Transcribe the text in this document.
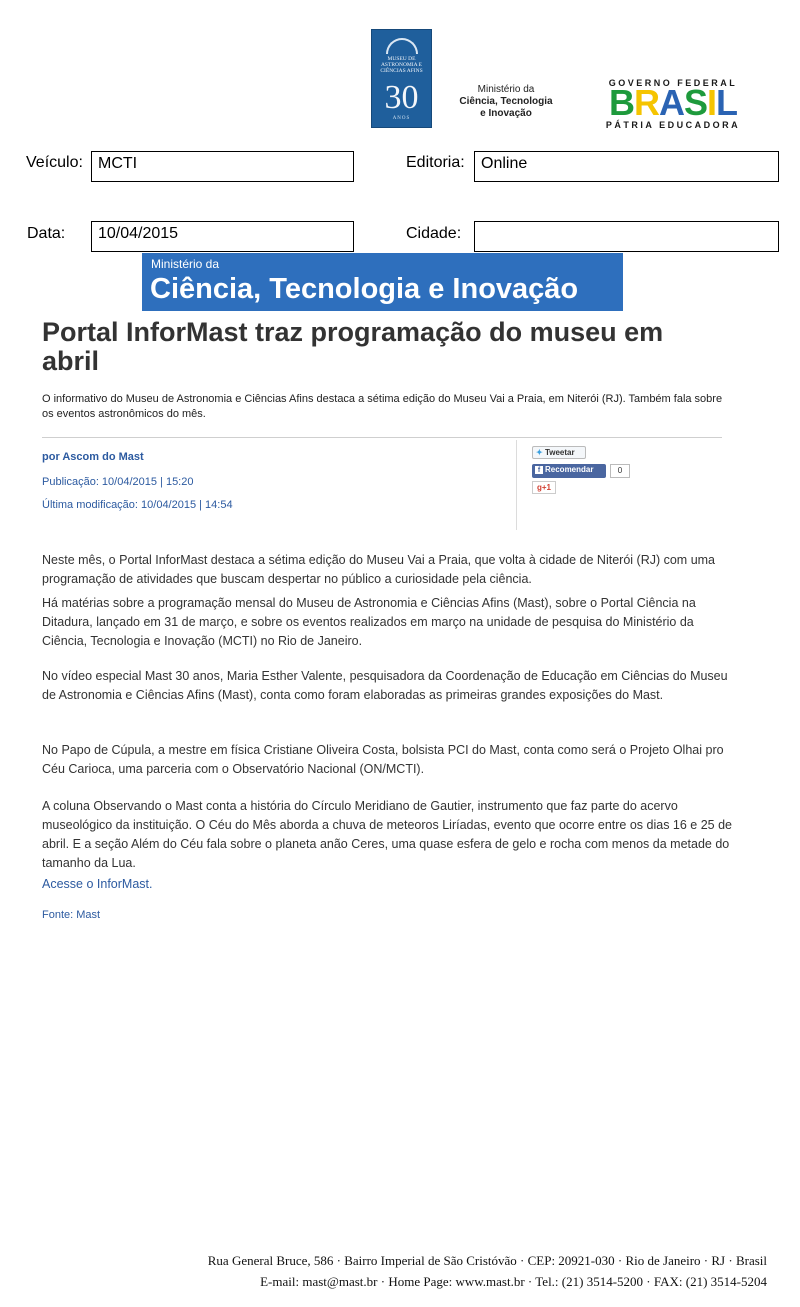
MUSEU DE ASTRONOMIA E CIÊNCIAS AFINS
30
ANOS
Ministério da
Ciência, Tecnologia
e Inovação
GOVERNO FEDERAL
BRASIL
PÁTRIA EDUCADORA
Veículo: MCTI	Editoria:	Online
Data:	10/04/2015	Cidade:
Ministério da
Ciência, Tecnologia e Inovação
Portal InforMast traz programação do museu em abril
O informativo do Museu de Astronomia e Ciências Afins destaca a sétima edição do Museu Vai a Praia, em Niterói (RJ). Também fala sobre os eventos astronômicos do mês.
por Ascom do Mast
Publicação: 10/04/2015 | 15:20
Última modificação: 10/04/2015 | 14:54
✦ Tweetar
f Recomendar	0
g+1
Neste mês, o Portal InforMast destaca a sétima edição do Museu Vai a Praia, que volta à cidade de Niterói (RJ) com uma programação de atividades que buscam despertar no público a curiosidade pela ciência.
Há matérias sobre a programação mensal do Museu de Astronomia e Ciências Afins (Mast), sobre o Portal Ciência na Ditadura, lançado em 31 de março, e sobre os eventos realizados em março na unidade de pesquisa do Ministério da Ciência, Tecnologia e Inovação (MCTI) no Rio de Janeiro.
No vídeo especial Mast 30 anos, Maria Esther Valente, pesquisadora da Coordenação de Educação em Ciências do Museu de Astronomia e Ciências Afins (Mast), conta como foram elaboradas as primeiras grandes exposições do Mast.
No Papo de Cúpula, a mestre em física Cristiane Oliveira Costa, bolsista PCI do Mast, conta como será o Projeto Olhai pro Céu Carioca, uma parceria com o Observatório Nacional (ON/MCTI).
A coluna Observando o Mast conta a história do Círculo Meridiano de Gautier, instrumento que faz parte do acervo museológico da instituição. O Céu do Mês aborda a chuva de meteoros Liríadas, evento que ocorre entre os dias 16 e 25 de abril. E a seção Além do Céu fala sobre o planeta anão Ceres, uma quase esfera de gelo e rocha com menos da metade do tamanho da Lua.
Acesse o InforMast.
Fonte: Mast
Rua General Bruce, 586 · Bairro Imperial de São Cristóvão · CEP: 20921-030 · Rio de Janeiro · RJ · Brasil
E-mail: mast@mast.br · Home Page: www.mast.br · Tel.: (21) 3514-5200 · FAX: (21) 3514-5204
